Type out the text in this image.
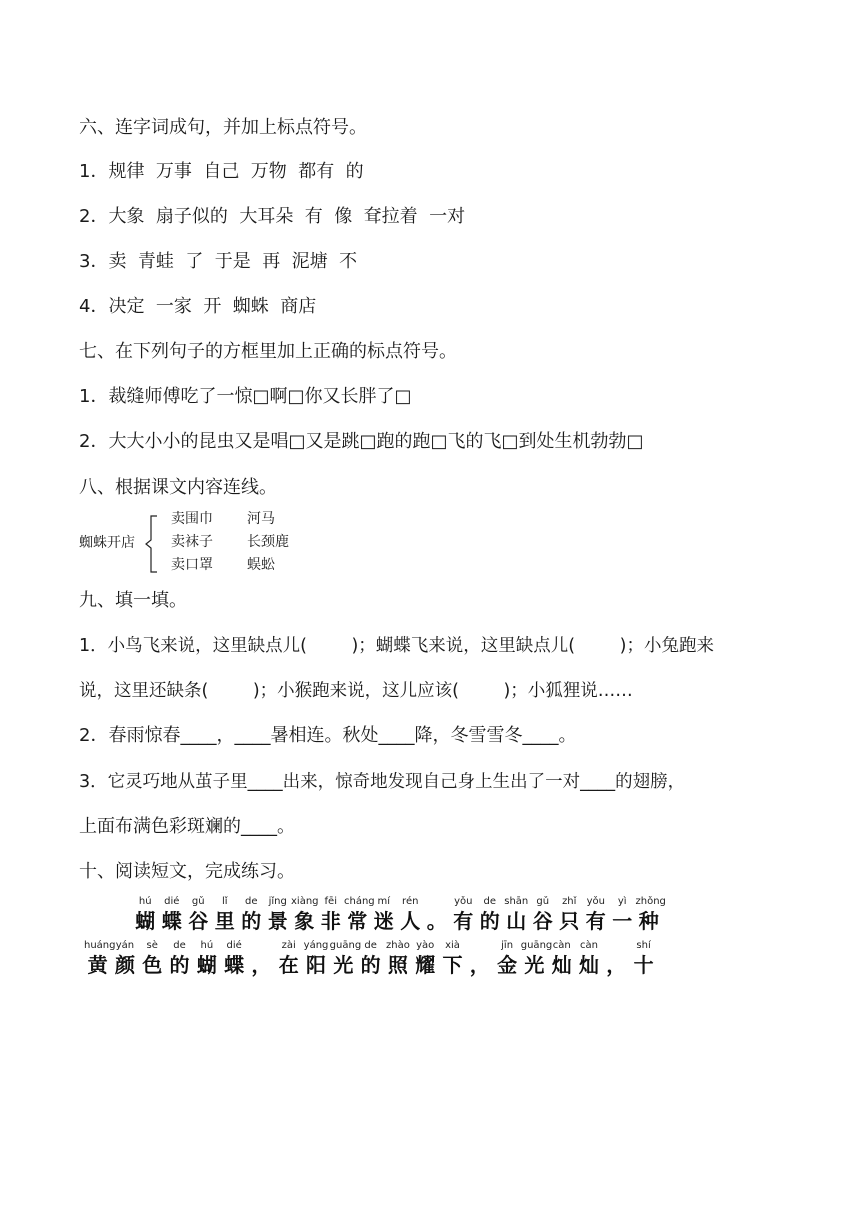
六、连字词成句，并加上标点符号。
1．规律  万事  自己  万物  都有  的
2．大象  扇子似的  大耳朵  有  像  耷拉着  一对
3．卖  青蛙  了  于是  再  泥塘  不
4．决定  一家  开  蜘蛛  商店
七、在下列句子的方框里加上正确的标点符号。
1．裁缝师傅吃了一惊□啊□你又长胖了□
2．大大小小的昆虫又是唱□又是跳□跑的跑□飞的飞□到处生机勃勃□
八、根据课文内容连线。
蜘蛛开店
卖围巾
卖袜子
卖口罩
河马
长颈鹿
蜈蚣
九、填一填。
1．小鸟飞来说，这里缺点儿(        )；蝴蝶飞来说，这里缺点儿(        )；小兔跑来
说，这里还缺条(        )；小猴跑来说，这儿应该(        )；小狐狸说……
2．春雨惊春____，____暑相连。秋处____降，冬雪雪冬____。
3．它灵巧地从茧子里____出来，惊奇地发现自己身上生出了一对____的翅膀，
上面布满色彩斑斓的____。
十、阅读短文，完成练习。
hú
蝴
dié
蝶
gǔ
谷
lǐ
里
de
的
jǐng
景
xiàng
象
fēi
非
cháng
常
mí
迷
rén
人 。
yǒu
有
de
的
shān
山
gǔ
谷
zhǐ
只
yǒu
有
yì
一
zhǒng
种
huáng
黄
yán
颜
sè
色
de
的
hú
蝴
dié
蝶 ，
zài
在
yáng
阳
guāng
光
de
的
zhào
照
yào
耀
xià
下 ，
jīn
金
guāng
光
càn
灿
càn
灿 ，
shí
十
